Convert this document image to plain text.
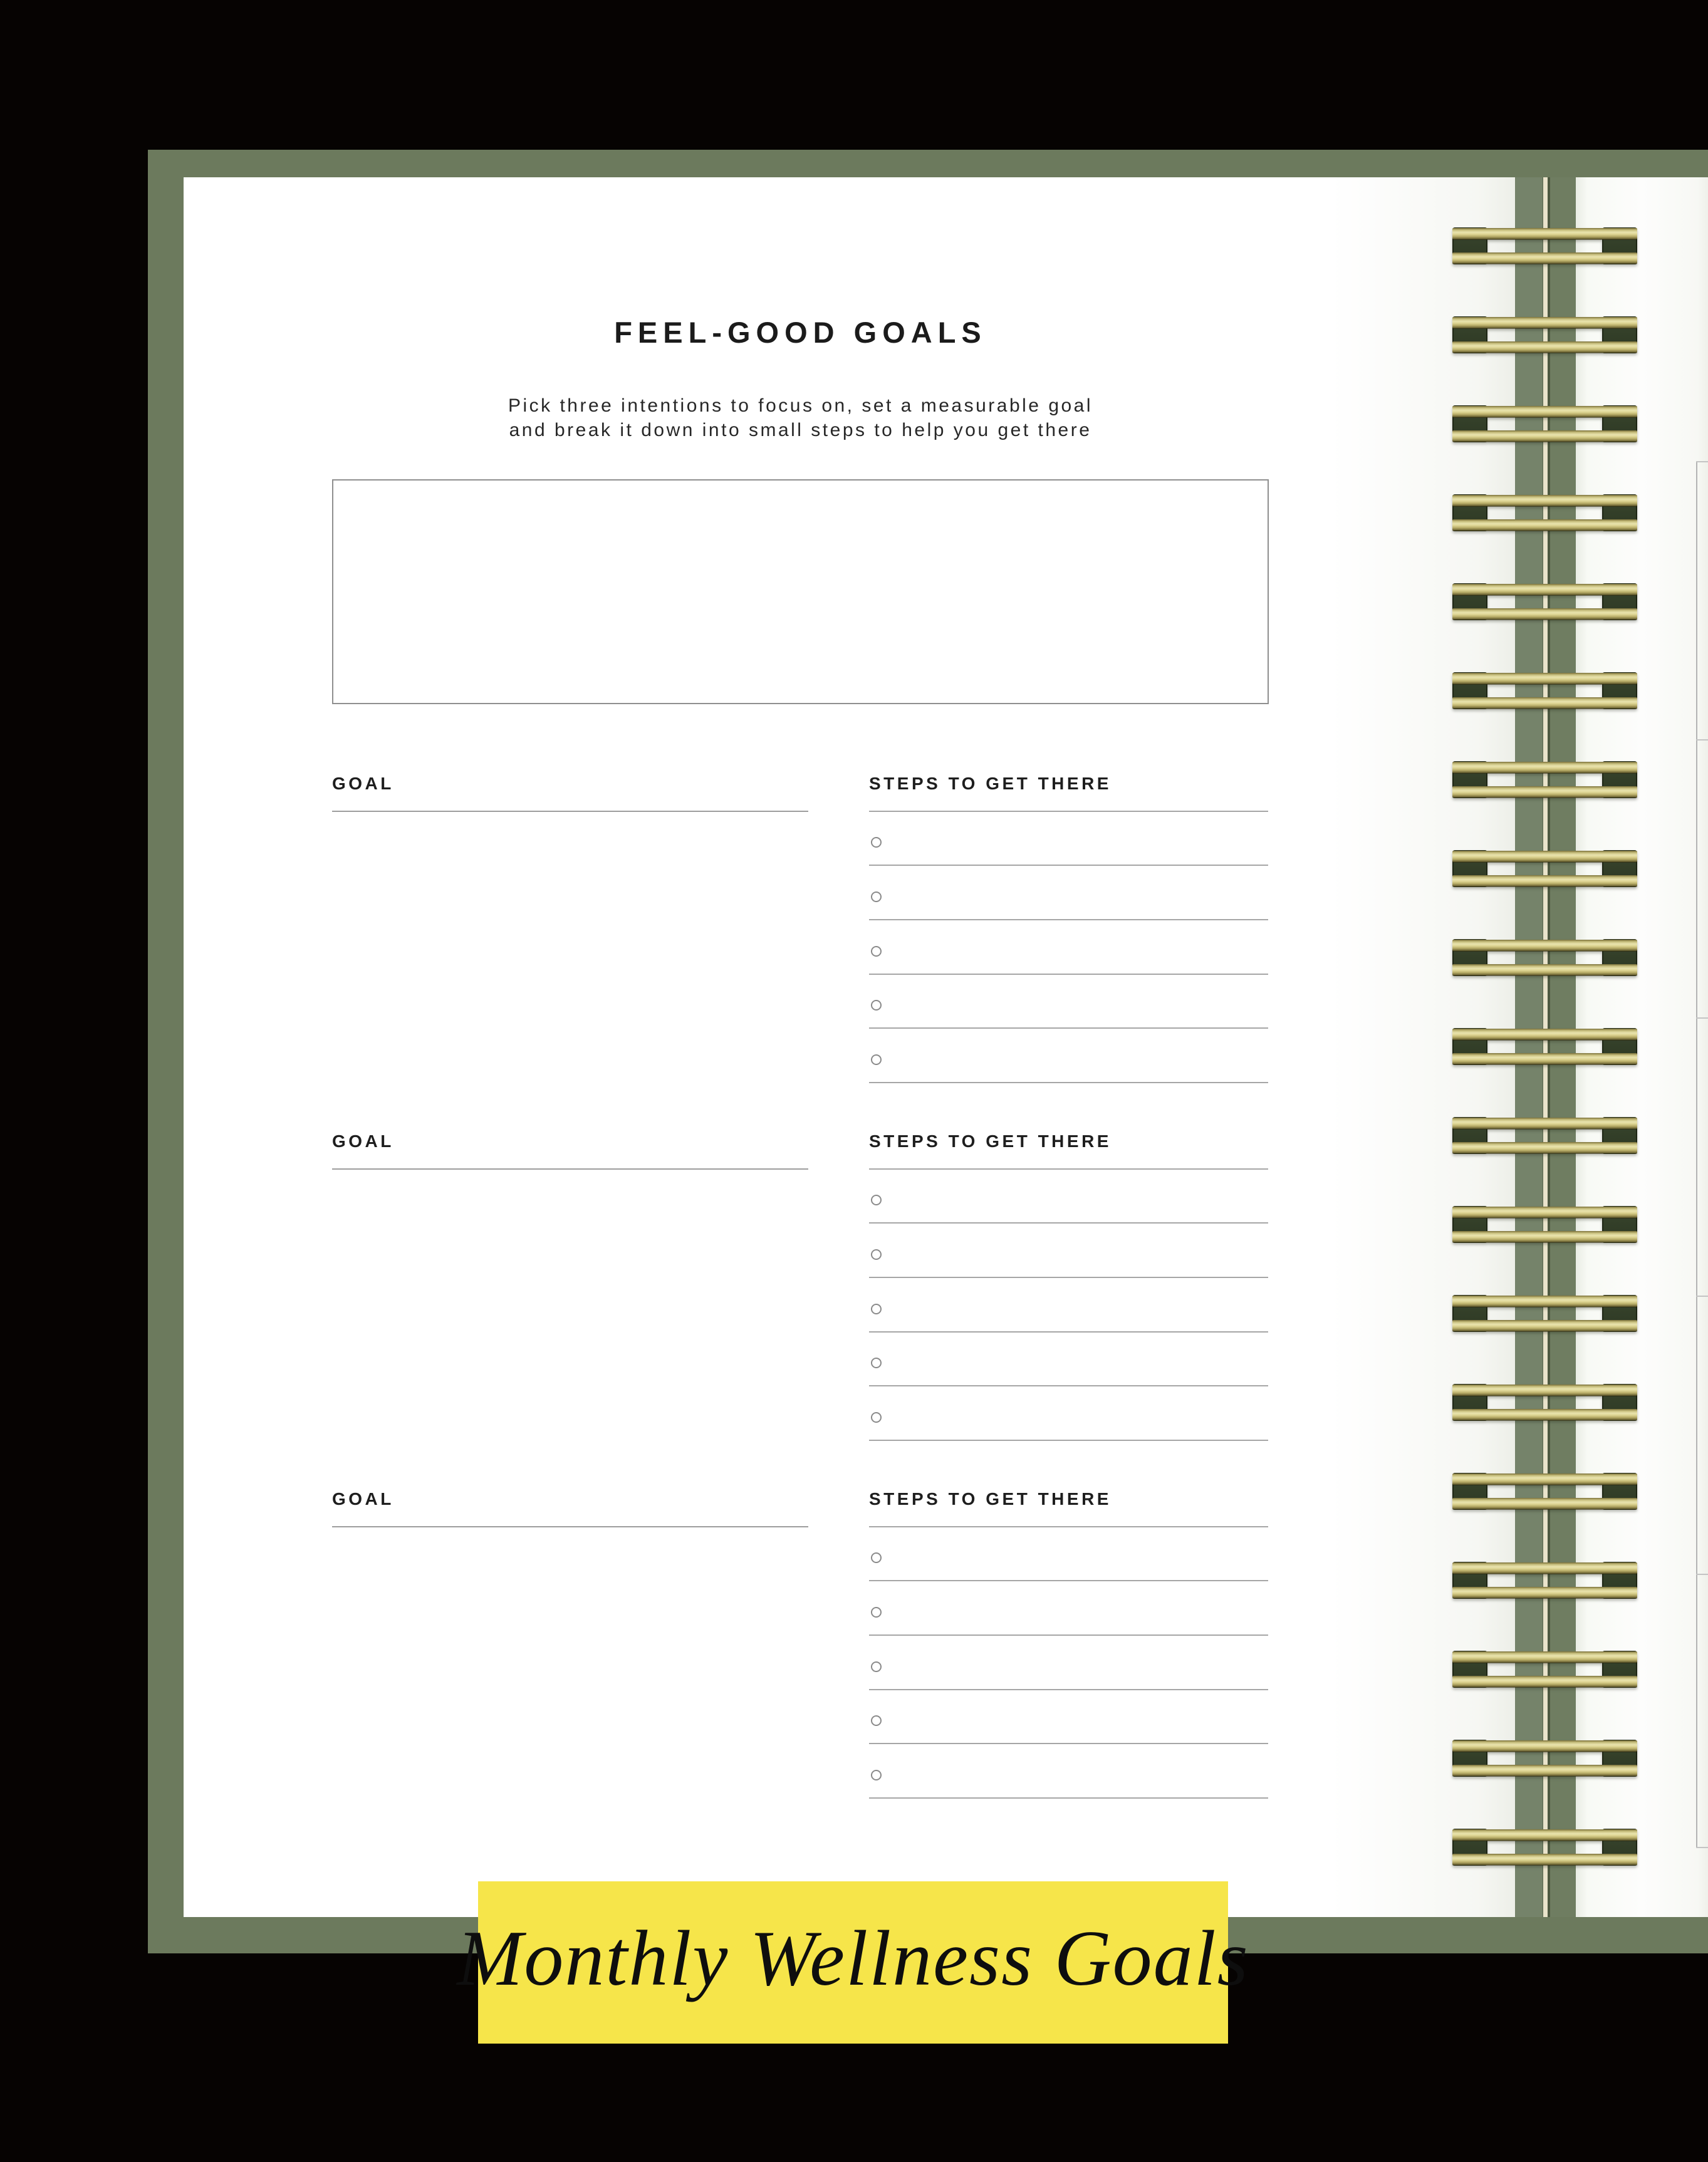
FEEL-GOOD GOALS
Pick three intentions to focus on, set a measurable goal
and break it down into small steps to help you get there
GOAL	STEPS TO GET THERE
GOAL	STEPS TO GET THERE
GOAL	STEPS TO GET THERE
Monthly Wellness Goals
